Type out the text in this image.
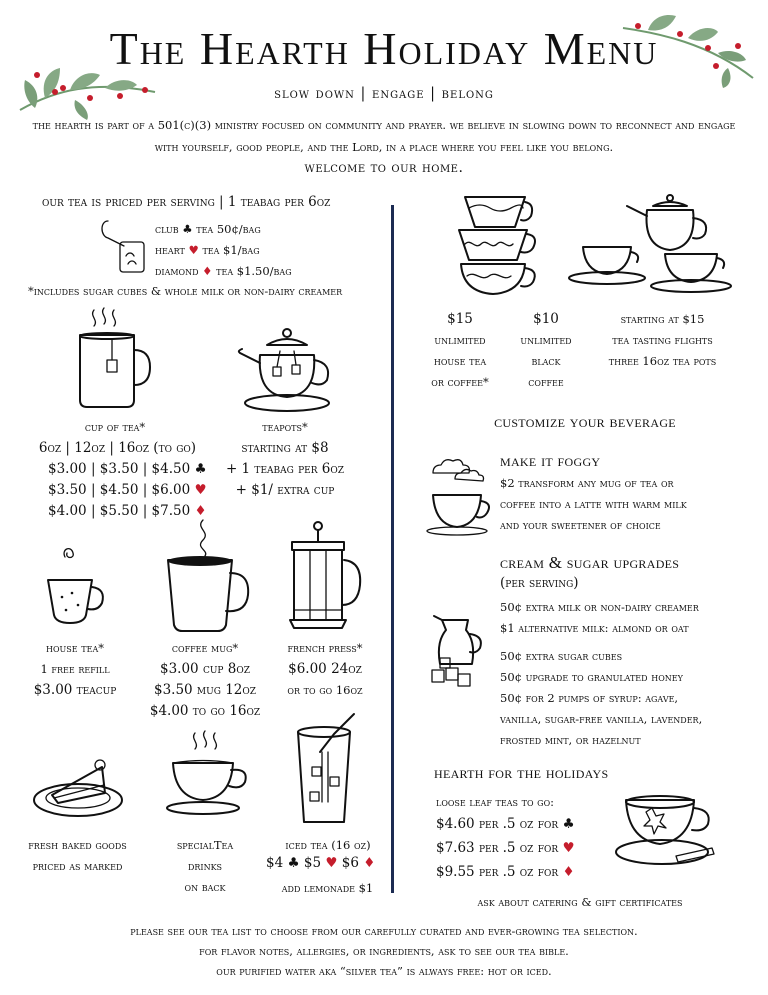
The Hearth Holiday Menu
slow down | engage | belong
the hearth is part of a 501(c)(3) ministry focused on community and prayer. we believe in slowing down to reconnect and engage with yourself, good people, and the Lord, in a place where you feel like you belong.
welcome to our home.
our tea is priced per serving | 1 teabag per 6oz
club ♣ tea 50¢/bag
heart ♥ tea $1/bag
diamond ♦ tea $1.50/bag
*includes sugar cubes & whole milk or non-dairy creamer
cup of tea*
6oz | 12oz | 16oz (to go)
$3.00 | $3.50 | $4.50 ♣
$3.50 | $4.50 | $6.00 ♥
$4.00 | $5.50 | $7.50 ♦
teapots*
starting at $8
+ 1 teabag per 6oz
+ $1/ extra cup
house tea*
1 free refill
$3.00 teacup
coffee mug*
$3.00 cup 8oz
$3.50 mug 12oz
$4.00 to go 16oz
french press*
$6.00 24oz
or to go 16oz
fresh baked goods
priced as marked
specialTea
drinks
on back
iced tea (16 oz)
$4 ♣ $5 ♥ $6 ♦
add lemonade $1
$15
unlimited
house tea
or coffee*
$10
unlimited
black
coffee
starting at $15
tea tasting flights
three 16oz tea pots
customize your beverage
make it foggy
$2 transform any mug of tea or
coffee into a latte with warm milk
and your sweetener of choice
cream & sugar upgrades
(per serving)
50¢ extra milk or non-dairy creamer
$1 alternative milk: almond or oat
50¢ extra sugar cubes
50¢ upgrade to granulated honey
50¢ for 2 pumps of syrup: agave,
vanilla, sugar-free vanilla, lavender,
frosted mint, or hazelnut
hearth for the holidays
loose leaf teas to go:
$4.60 per .5 oz for ♣
$7.63 per .5 oz for ♥
$9.55 per .5 oz for ♦
ask about catering & gift certificates
please see our tea list to choose from our carefully curated and ever-growing tea selection.
for flavor notes, allergies, or ingredients, ask to see our tea bible.
our purified water aka “silver tea” is always free: hot or iced.
